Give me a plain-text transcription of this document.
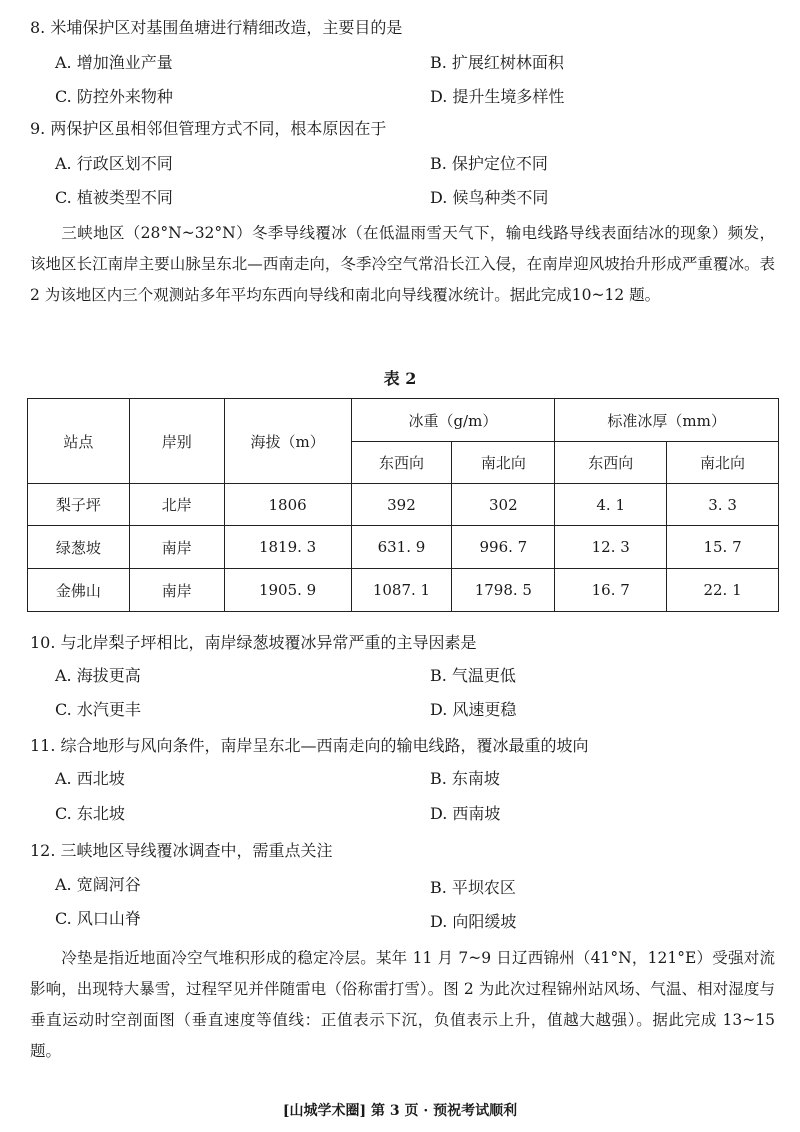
8. 米埔保护区对基围鱼塘进行精细改造，主要目的是
A. 增加渔业产量	B. 扩展红树林面积
C. 防控外来物种	D. 提升生境多样性
9. 两保护区虽相邻但管理方式不同，根本原因在于
A. 行政区划不同	B. 保护定位不同
C. 植被类型不同	D. 候鸟种类不同
三峡地区（28°N~32°N）冬季导线覆冰（在低温雨雪天气下，输电线路导线表面结冰的现象）频发，该地区长江南岸主要山脉呈东北—西南走向，冬季冷空气常沿长江入侵，在南岸迎风坡抬升形成严重覆冰。表 2 为该地区内三个观测站多年平均东西向导线和南北向导线覆冰统计。据此完成10~12 题。
表 2
站点	岸别	海拔（m）	冰重（g/m）		标准冰厚（mm）	
			东西向	南北向	东西向	南北向
梨子坪	北岸	1806	392	302	4. 1	3. 3
绿葱坡	南岸	1819. 3	631. 9	996. 7	12. 3	15. 7
金佛山	南岸	1905. 9	1087. 1	1798. 5	16. 7	22. 1
10. 与北岸梨子坪相比，南岸绿葱坡覆冰异常严重的主导因素是
A. 海拔更高	B. 气温更低
C. 水汽更丰	D. 风速更稳
11. 综合地形与风向条件，南岸呈东北—西南走向的输电线路，覆冰最重的坡向
A. 西北坡	B. 东南坡
C. 东北坡	D. 西南坡
12. 三峡地区导线覆冰调查中，需重点关注
A. 宽阔河谷	B. 平坝农区
C. 风口山脊	D. 向阳缓坡
冷垫是指近地面冷空气堆积形成的稳定冷层。某年 11 月 7~9 日辽西锦州（41°N，121°E）受强对流影响，出现特大暴雪，过程罕见并伴随雷电（俗称雷打雪）。图 2 为此次过程锦州站风场、气温、相对湿度与垂直运动时空剖面图（垂直速度等值线：正值表示下沉，负值表示上升，值越大越强）。据此完成 13~15 题。
[山城学术圈] 第 3 页 · 预祝考试顺利
